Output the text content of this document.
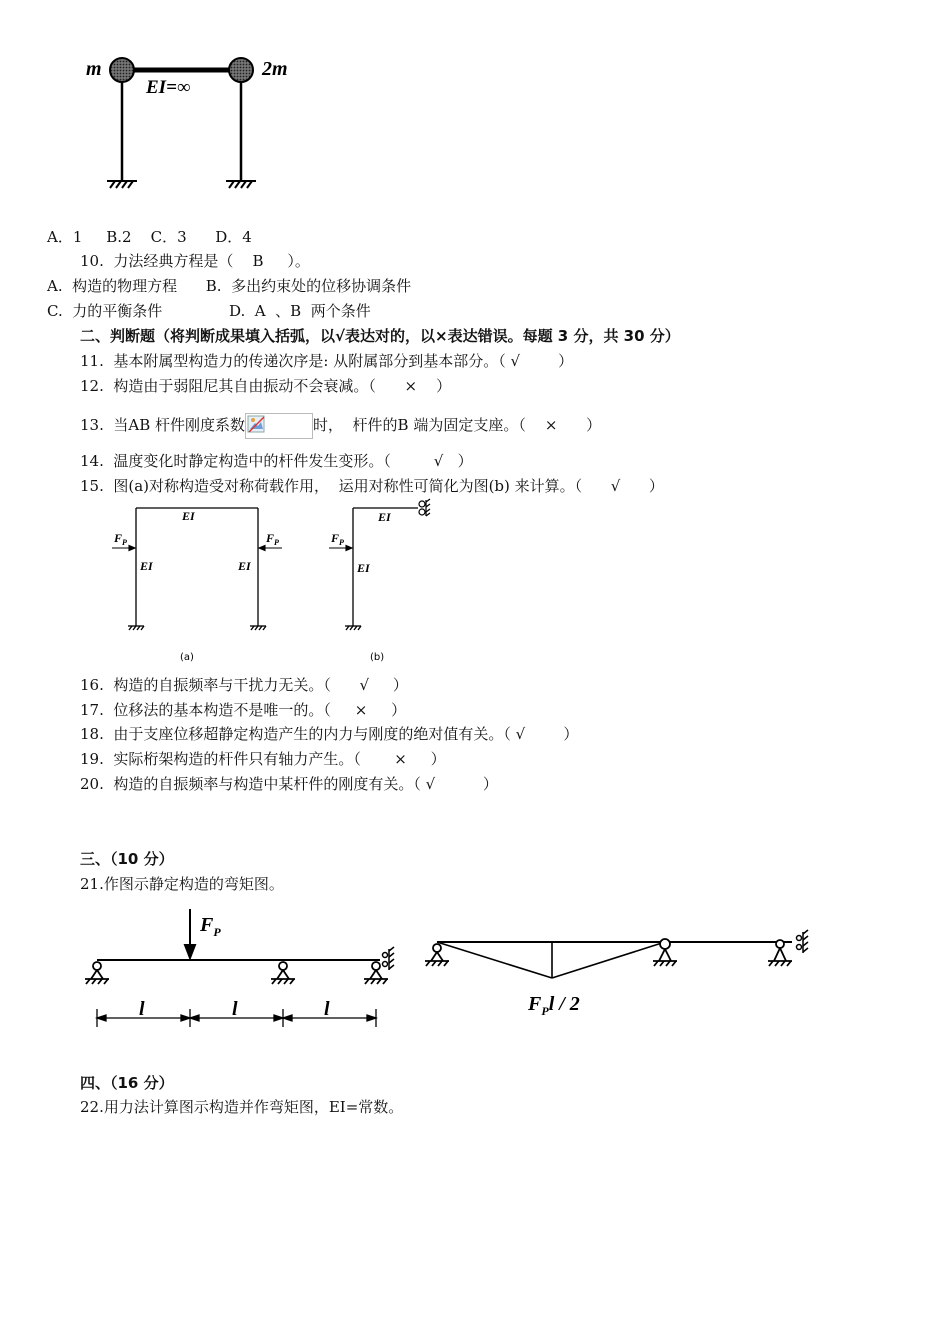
m	2m
EI=∞
A．1     B.2    C．3      D．4
10.  力法经典方程是（    B     ）。
A.  构造的物理方程      B.  多出约束处的位移协调条件
C.  力的平衡条件              D.  A  、B  两个条件
二、判断题（将判断成果填入括弧，以√表达对的，以×表达错误。每题 3 分，共 30 分）
11.  基本附属型构造力的传递次序是: 从附属部分到基本部分。（ √        ）
12.  构造由于弱阻尼其自由振动不会衰减。（      ×    ）
13.  当AB 杆件刚度系数	时，  杆件的B 端为固定支座。（    ×      ）
14.  温度变化时静定构造中的杆件发生变形。（         √   ）
15.  图(a)对称构造受对称荷载作用，  运用对称性可简化为图(b) 来计算。（      √      ）
$F_P$	$F_P$
EI
EI	EI
(a)
$F_P$
EI
EI
(b)
16.  构造的自振频率与干扰力无关。（      √     ）
17.  位移法的基本构造不是唯一的。（     ×     ）
18.  由于支座位移超静定构造产生的内力与刚度的绝对值有关。（ √        ）
19.  实际桁架构造的杆件只有轴力产生。（       ×     ）
20.  构造的自振频率与构造中某杆件的刚度有关。（ √          ）
三、（10 分）
21.作图示静定构造的弯矩图。
$F_P$
l	l	l	$F_Pl / 2$
四、（16 分）
22.用力法计算图示构造并作弯矩图，EI=常数。
